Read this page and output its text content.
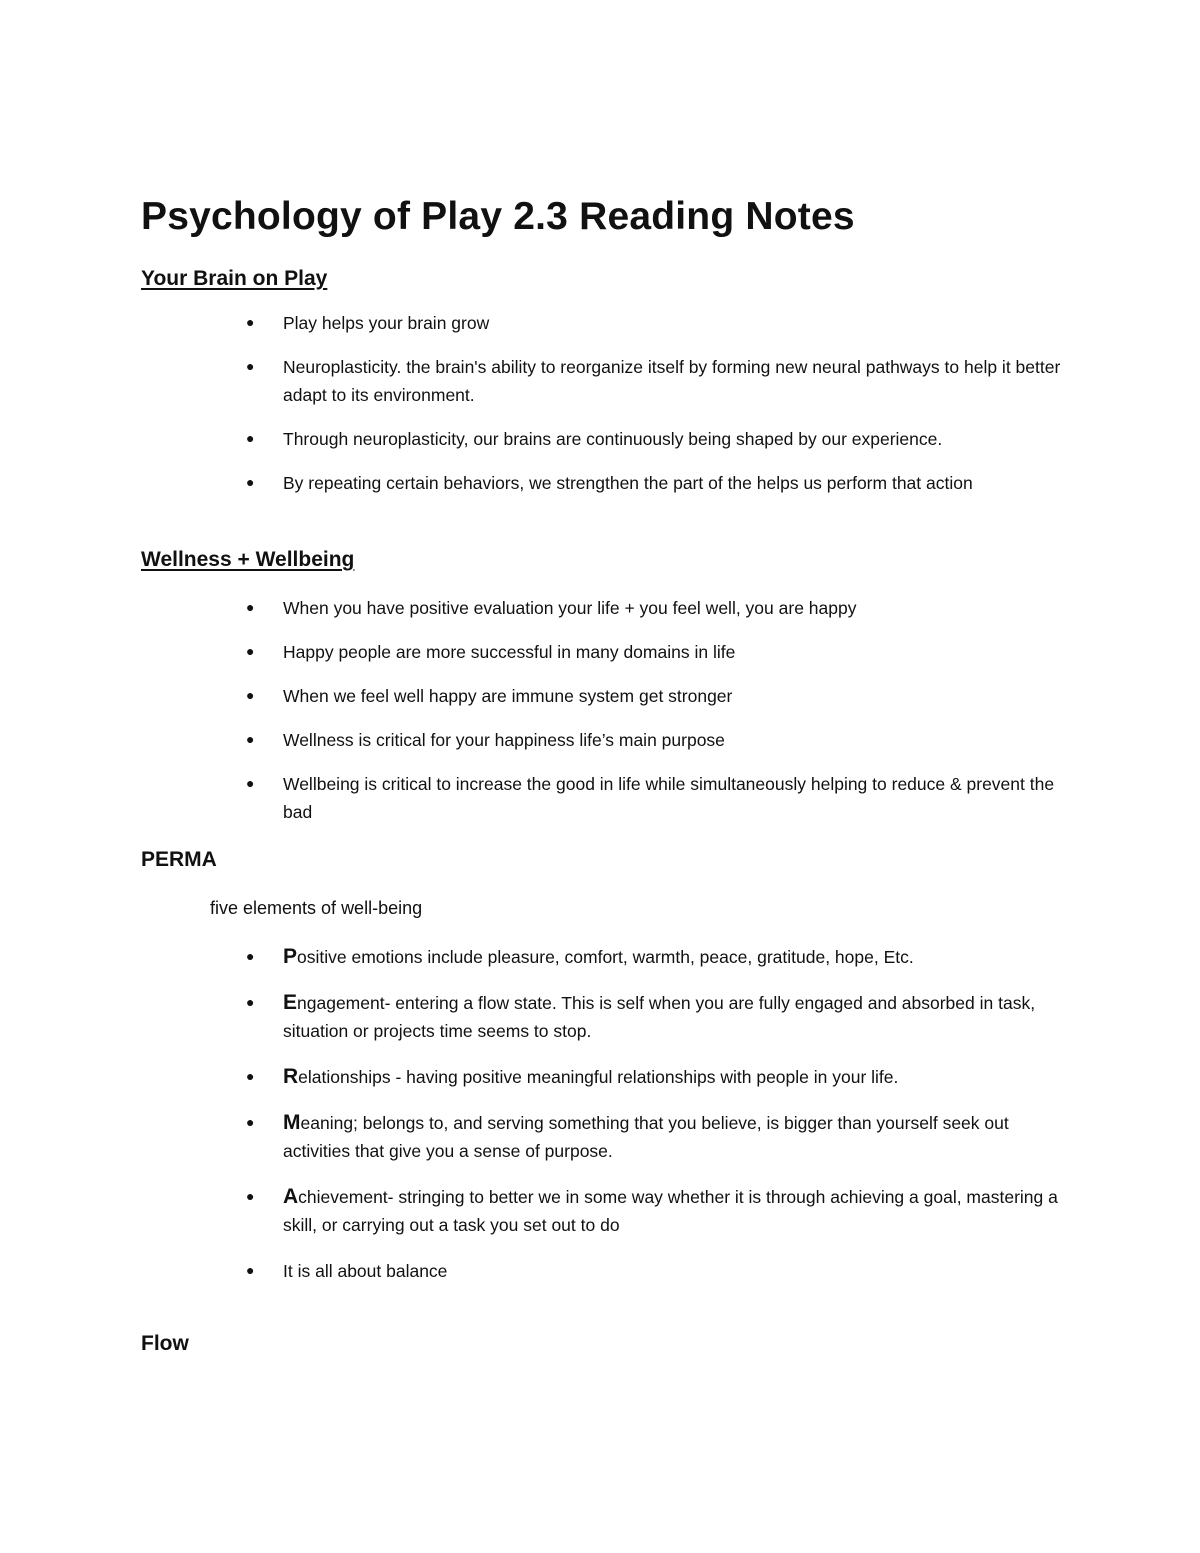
Psychology of Play 2.3 Reading Notes
Your Brain on Play
● Play helps your brain grow
● Neuroplasticity. the brain's ability to reorganize itself by forming new neural pathways to help it better adapt to its environment.
● Through neuroplasticity, our brains are continuously being shaped by our experience.
● By repeating certain behaviors, we strengthen the part of the helps us perform that action
Wellness + Wellbeing
● When you have positive evaluation your life + you feel well, you are happy
● Happy people are more successful in many domains in life
● When we feel well happy are immune system get stronger
● Wellness is critical for your happiness life’s main purpose
● Wellbeing is critical to increase the good in life while simultaneously helping to reduce & prevent the bad
PERMA

five elements of well-being

● Positive emotions include pleasure, comfort, warmth, peace, gratitude, hope, Etc.
● Engagement- entering a flow state. This is self when you are fully engaged and absorbed in task, situation or projects time seems to stop.
● Relationships - having positive meaningful relationships with people in your life.
● Meaning; belongs to, and serving something that you believe, is bigger than yourself seek out activities that give you a sense of purpose.
● Achievement- stringing to better we in some way whether it is through achieving a goal, mastering a skill, or carrying out a task you set out to do
● It is all about balance
Flow
